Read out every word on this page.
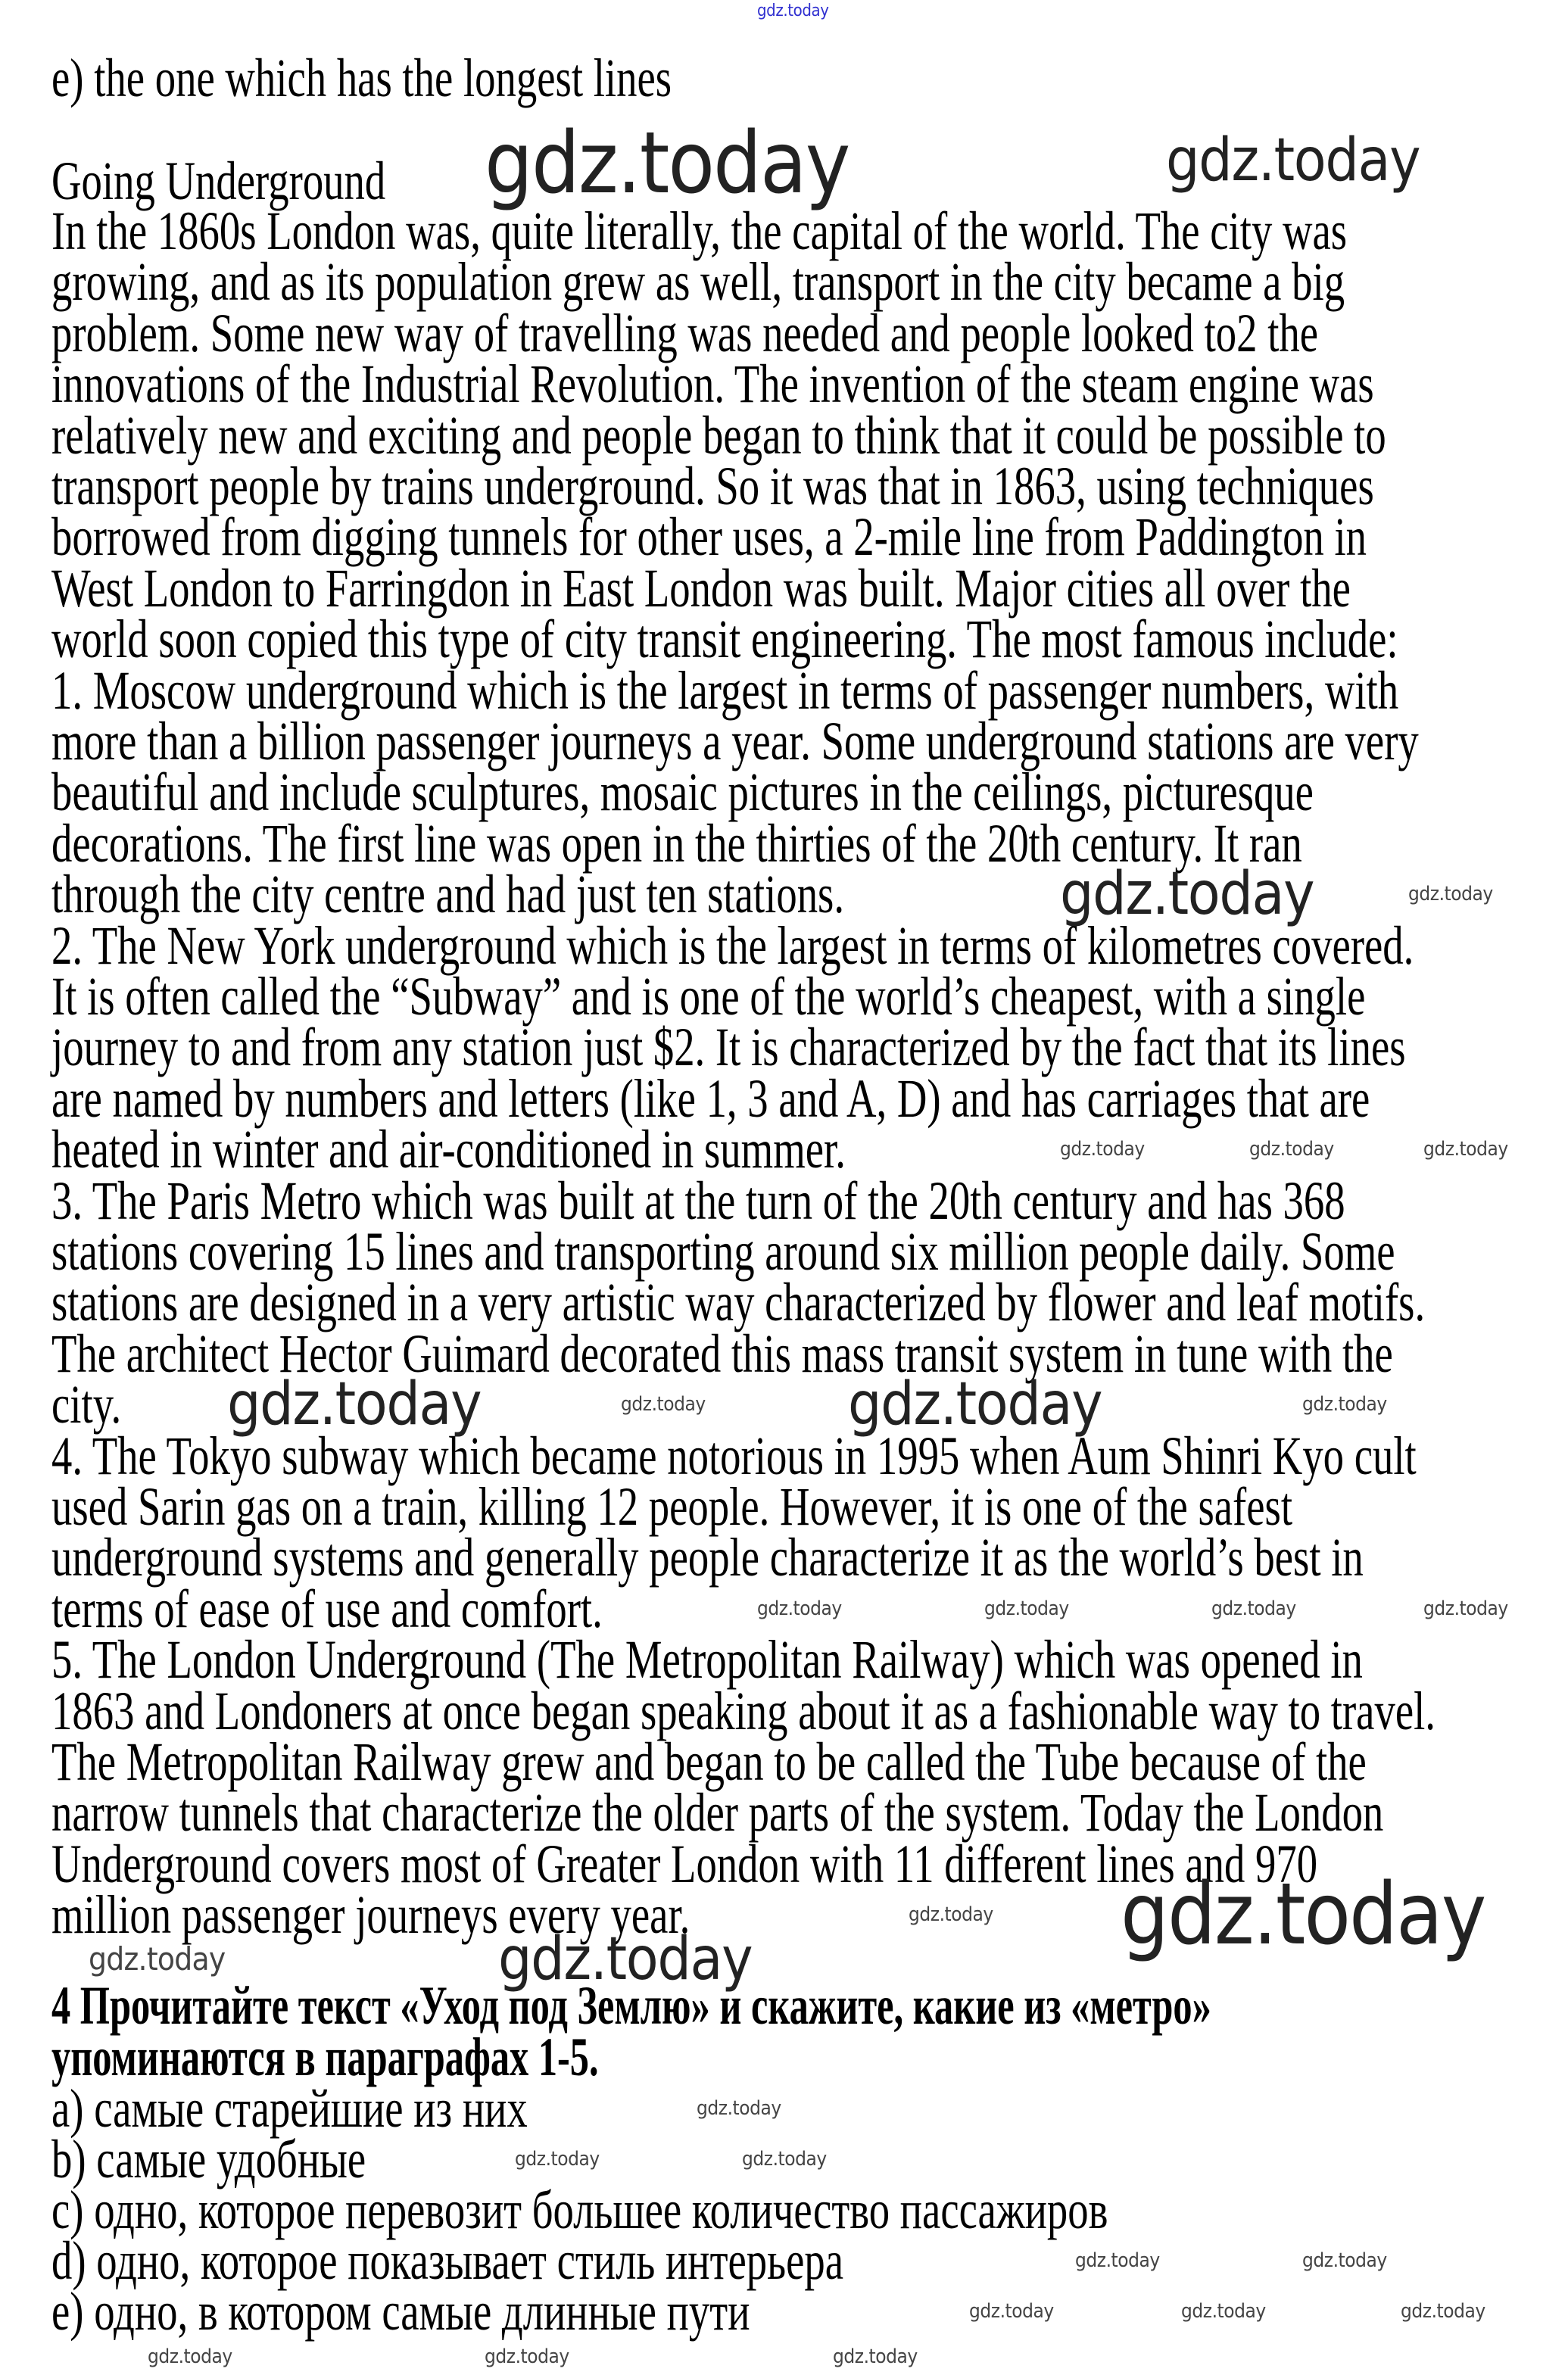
e) the one which has the longest lines
Going Underground
In the 1860s London was, quite literally, the capital of the world. The city was
growing, and as its population grew as well, transport in the city became a big
problem. Some new way of travelling was needed and people looked to2 the
innovations of the Industrial Revolution. The invention of the steam engine was
relatively new and exciting and people began to think that it could be possible to
transport people by trains underground. So it was that in 1863, using techniques
borrowed from digging tunnels for other uses, a 2-mile line from Paddington in
West London to Farringdon in East London was built. Major cities all over the
world soon copied this type of city transit engineering. The most famous include:
1. Moscow underground which is the largest in terms of passenger numbers, with
more than a billion passenger journeys a year. Some underground stations are very
beautiful and include sculptures, mosaic pictures in the ceilings, picturesque
decorations. The first line was open in the thirties of the 20th century. It ran
through the city centre and had just ten stations.
2. The New York underground which is the largest in terms of kilometres covered.
It is often called the “Subway” and is one of the world’s cheapest, with a single
journey to and from any station just $2. It is characterized by the fact that its lines
are named by numbers and letters (like 1, 3 and A, D) and has carriages that are
heated in winter and air-conditioned in summer.
3. The Paris Metro which was built at the turn of the 20th century and has 368
stations covering 15 lines and transporting around six million people daily. Some
stations are designed in a very artistic way characterized by flower and leaf motifs.
The architect Hector Guimard decorated this mass transit system in tune with the
city.
4. The Tokyo subway which became notorious in 1995 when Aum Shinri Kyo cult
used Sarin gas on a train, killing 12 people. However, it is one of the safest
underground systems and generally people characterize it as the world’s best in
terms of ease of use and comfort.
5. The London Underground (The Metropolitan Railway) which was opened in
1863 and Londoners at once began speaking about it as a fashionable way to travel.
The Metropolitan Railway grew and began to be called the Tube because of the
narrow tunnels that characterize the older parts of the system. Today the London
Underground covers most of Greater London with 11 different lines and 970
million passenger journeys every year.
4 Прочитайте текст «Уход под Землю» и скажите, какие из «метро»
упоминаются в параграфах 1-5.
a) самые старейшие из них
b) самые удобные
c) одно, которое перевозит большее количество пассажиров
d) одно, которое показывает стиль интерьера
e) одно, в котором самые длинные пути
gdz.today
gdz.today	gdz.today
gdz.today	gdz.today
gdz.today	gdz.today	gdz.today
gdz.today	gdz.today gdz.today	gdz.today
gdz.today	gdz.today	gdz.today	gdz.today
gdz.today gdz.today
gdz.today	gdz.today
gdz.today
gdz.today	gdz.today
gdz.today	gdz.today
gdz.today	gdz.today	gdz.today
gdz.today	gdz.today	gdz.today
